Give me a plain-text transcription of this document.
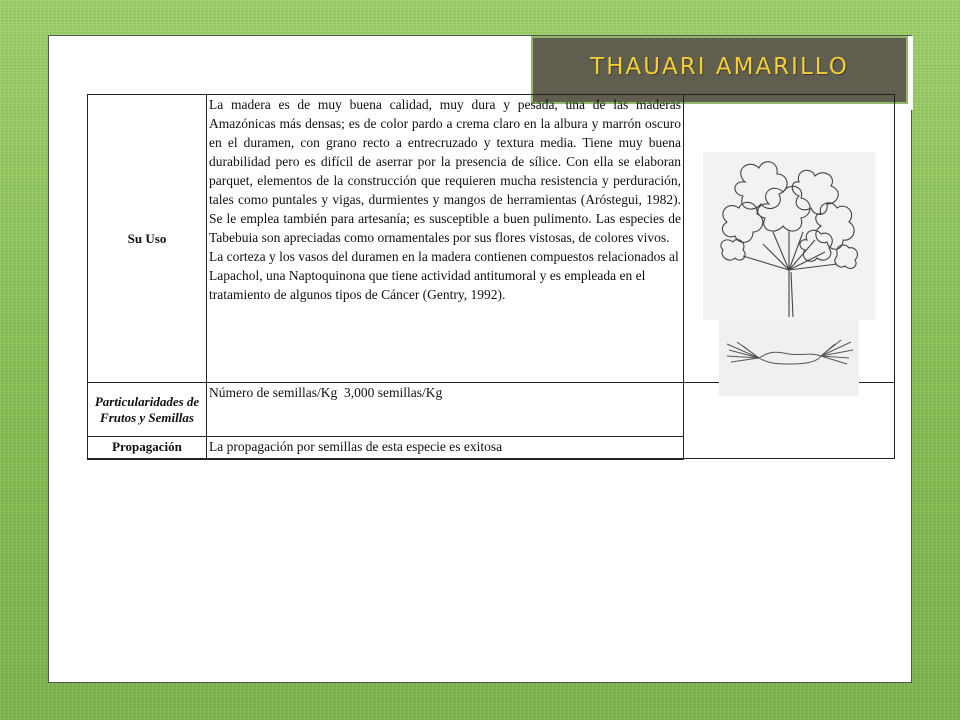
THAUARI AMARILLO
Su Uso	La madera es de muy buena calidad, muy dura y pesada, una de las maderas Amazónicas más densas; es de color pardo a crema claro en la albura y marrón oscuro en el duramen, con grano recto a entrecruzado y textura media. Tiene muy buena durabilidad pero es difícil de aserrar por la presencia de sílice. Con ella se elaboran parquet, elementos de la construcción que requieren mucha resistencia y perduración, tales como puntales y vigas, durmientes y mangos de herramientas (Aróstegui, 1982). Se le emplea también para artesanía; es susceptible a buen pulimento. Las especies de Tabebuia son apreciadas como ornamentales por sus flores vistosas, de colores vivos.

La corteza y los vasos del duramen en la madera contienen compuestos relacionados al Lapachol, una Naptoquinona que tiene actividad antitumoral y es empleada en el tratamiento de algunos tipos de Cáncer (Gentry, 1992).

Particularidades de Frutos y Semillas	Número de semillas/Kg  3,000 semillas/Kg	
Propagación	La propagación por semillas de esta especie es exitosa	
